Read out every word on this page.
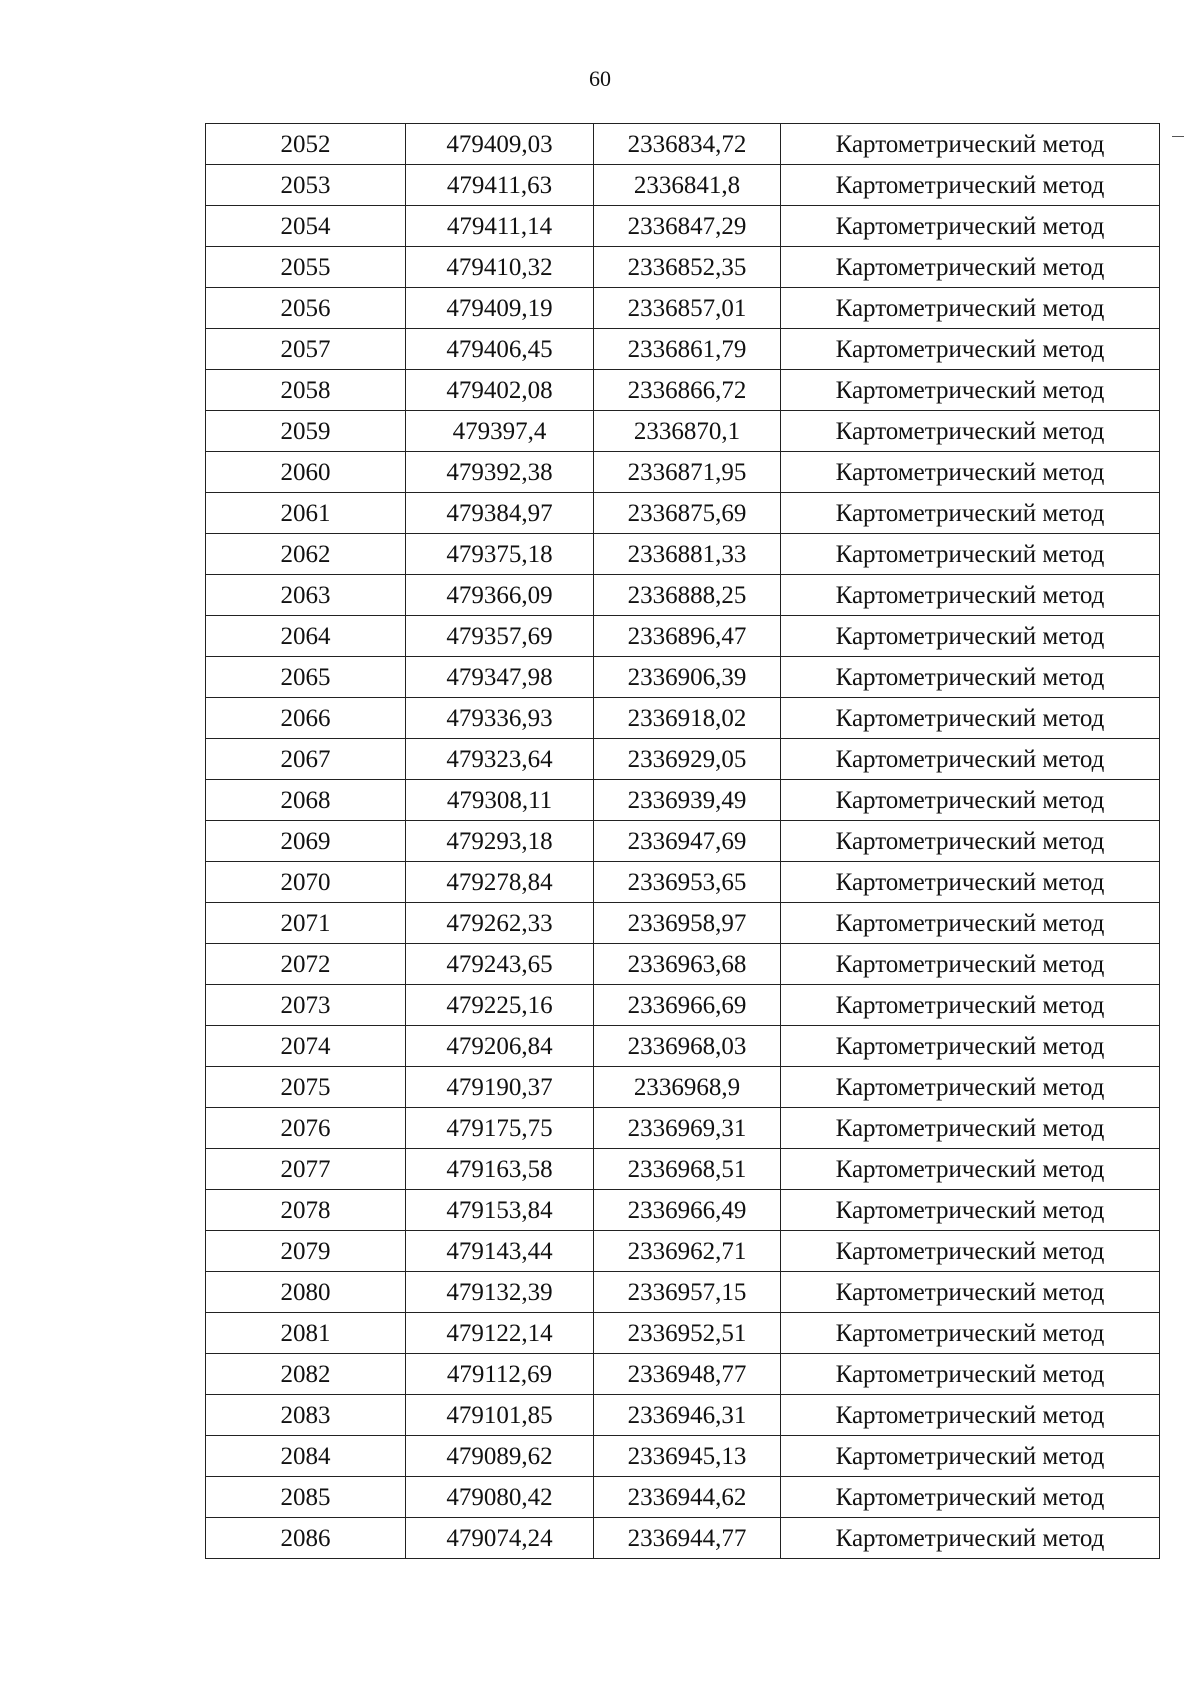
60
2052	479409,03	2336834,72	Картометрический метод
2053	479411,63	2336841,8	Картометрический метод
2054	479411,14	2336847,29	Картометрический метод
2055	479410,32	2336852,35	Картометрический метод
2056	479409,19	2336857,01	Картометрический метод
2057	479406,45	2336861,79	Картометрический метод
2058	479402,08	2336866,72	Картометрический метод
2059	479397,4	2336870,1	Картометрический метод
2060	479392,38	2336871,95	Картометрический метод
2061	479384,97	2336875,69	Картометрический метод
2062	479375,18	2336881,33	Картометрический метод
2063	479366,09	2336888,25	Картометрический метод
2064	479357,69	2336896,47	Картометрический метод
2065	479347,98	2336906,39	Картометрический метод
2066	479336,93	2336918,02	Картометрический метод
2067	479323,64	2336929,05	Картометрический метод
2068	479308,11	2336939,49	Картометрический метод
2069	479293,18	2336947,69	Картометрический метод
2070	479278,84	2336953,65	Картометрический метод
2071	479262,33	2336958,97	Картометрический метод
2072	479243,65	2336963,68	Картометрический метод
2073	479225,16	2336966,69	Картометрический метод
2074	479206,84	2336968,03	Картометрический метод
2075	479190,37	2336968,9	Картометрический метод
2076	479175,75	2336969,31	Картометрический метод
2077	479163,58	2336968,51	Картометрический метод
2078	479153,84	2336966,49	Картометрический метод
2079	479143,44	2336962,71	Картометрический метод
2080	479132,39	2336957,15	Картометрический метод
2081	479122,14	2336952,51	Картометрический метод
2082	479112,69	2336948,77	Картометрический метод
2083	479101,85	2336946,31	Картометрический метод
2084	479089,62	2336945,13	Картометрический метод
2085	479080,42	2336944,62	Картометрический метод
2086	479074,24	2336944,77	Картометрический метод
